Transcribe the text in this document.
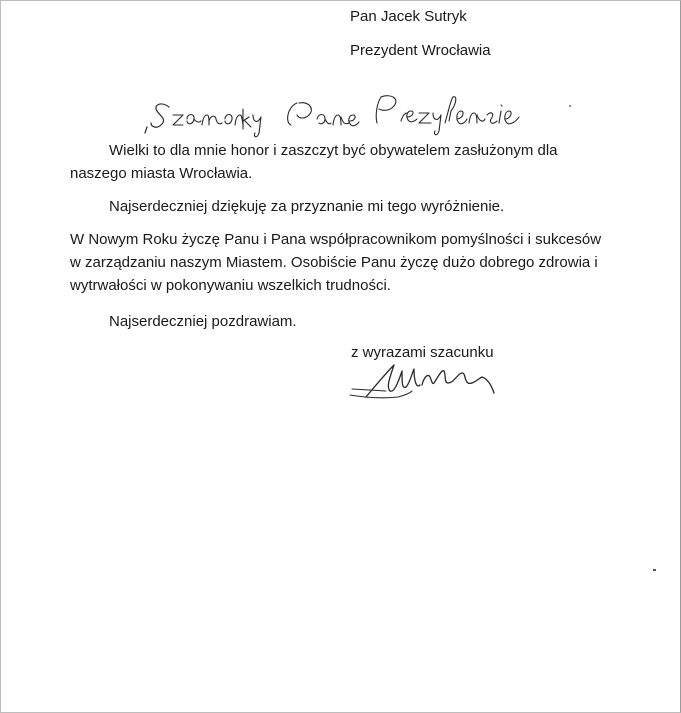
Pan Jacek Sutryk
Prezydent Wrocławia
Wielki to dla mnie honor i zaszczyt być obywatelem zasłużonym dla
naszego miasta Wrocławia.
Najserdeczniej dziękuję za przyznanie mi tego wyróżnienie.
W Nowym Roku życzę Panu i Pana współpracownikom pomyślności i sukcesów
w zarządzaniu naszym Miastem. Osobiście Panu życzę dużo dobrego zdrowia i
wytrwałości w pokonywaniu wszelkich trudności.
Najserdeczniej pozdrawiam.
z wyrazami szacunku
